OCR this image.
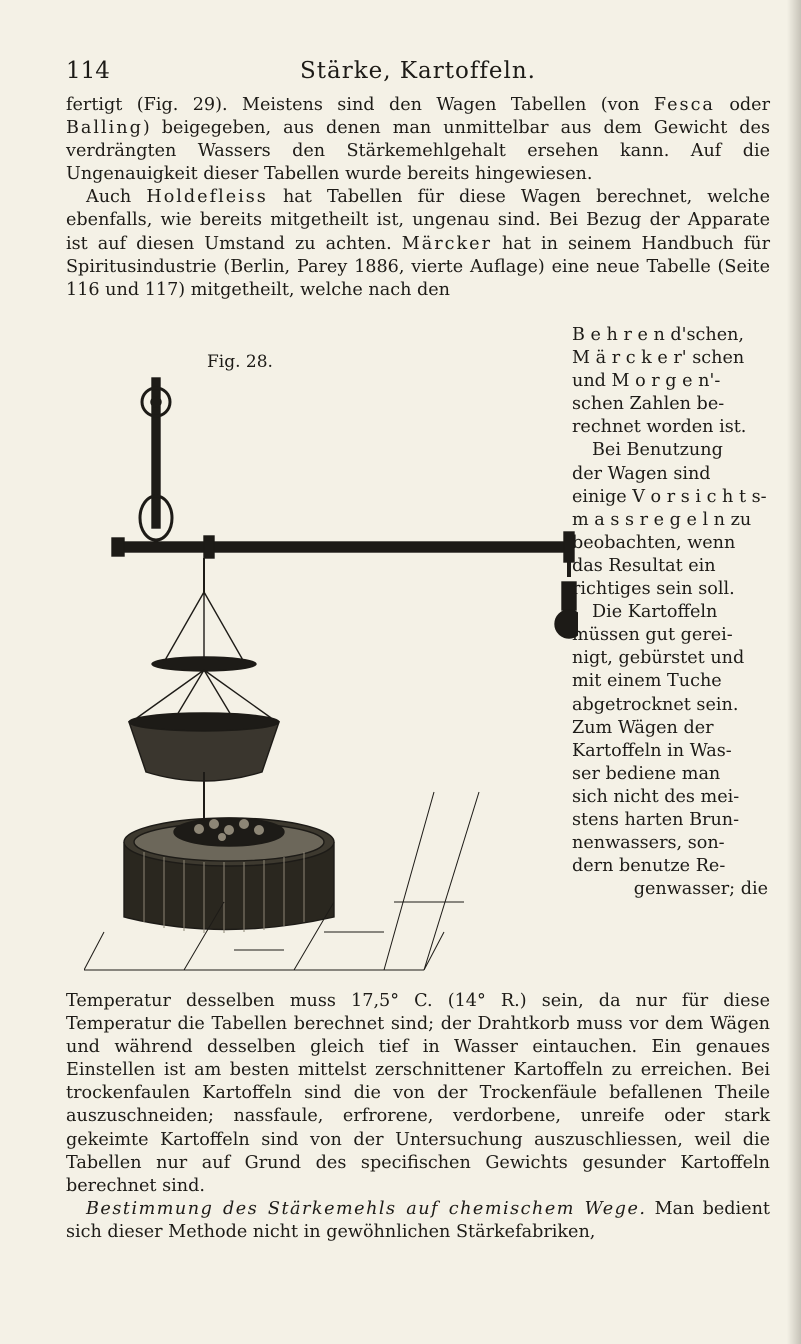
114	Stärke, Kartoffeln.

fertigt (Fig. 29). Meistens sind den Wagen Tabellen (von Fesca oder Balling) beigegeben, aus denen man unmittelbar aus dem Gewicht des verdrängten Wassers den Stärkemehlgehalt ersehen kann. Auf die Ungenauigkeit dieser Tabellen wurde bereits hingewiesen.

Auch Holdefleiss hat Tabellen für diese Wagen berechnet, welche ebenfalls, wie bereits mitgetheilt ist, ungenau sind. Bei Bezug der Apparate ist auf diesen Umstand zu achten. Märcker hat in seinem Handbuch für Spiritusindustrie (Berlin, Parey 1886, vierte Auflage) eine neue Tabelle (Seite 116 und 117) mitgetheilt, welche nach den

Fig. 28.
B e h r e n d'schen,
M ä r c k e r' schen
und M o r g e n'-
schen Zahlen be-
rechnet worden ist.
Bei Benutzung
der Wagen sind
einige V o r s i c h t s-
m a s s r e g e l n zu
beobachten, wenn
das Resultat ein
richtiges sein soll.
Die Kartoffeln
müssen gut gerei-
nigt, gebürstet und
mit einem Tuche
abgetrocknet sein.
Zum Wägen der
Kartoffeln in Was-
ser bediene man
sich nicht des mei-
stens harten Brun-
nenwassers, son-
dern benutze Re-
genwasser; die

Temperatur desselben muss 17,5° C. (14° R.) sein, da nur für diese Temperatur die Tabellen berechnet sind; der Drahtkorb muss vor dem Wägen und während desselben gleich tief in Wasser eintauchen. Ein genaues Einstellen ist am besten mittelst zerschnittener Kartoffeln zu erreichen. Bei trockenfaulen Kartoffeln sind die von der Trockenfäule befallenen Theile auszuschneiden; nassfaule, erfrorene, verdorbene, unreife oder stark gekeimte Kartoffeln sind von der Untersuchung auszuschliessen, weil die Tabellen nur auf Grund des specifischen Gewichts gesunder Kartoffeln berechnet sind.

Bestimmung des Stärkemehls auf chemischem Wege. Man bedient sich dieser Methode nicht in gewöhnlichen Stärkefabriken,
